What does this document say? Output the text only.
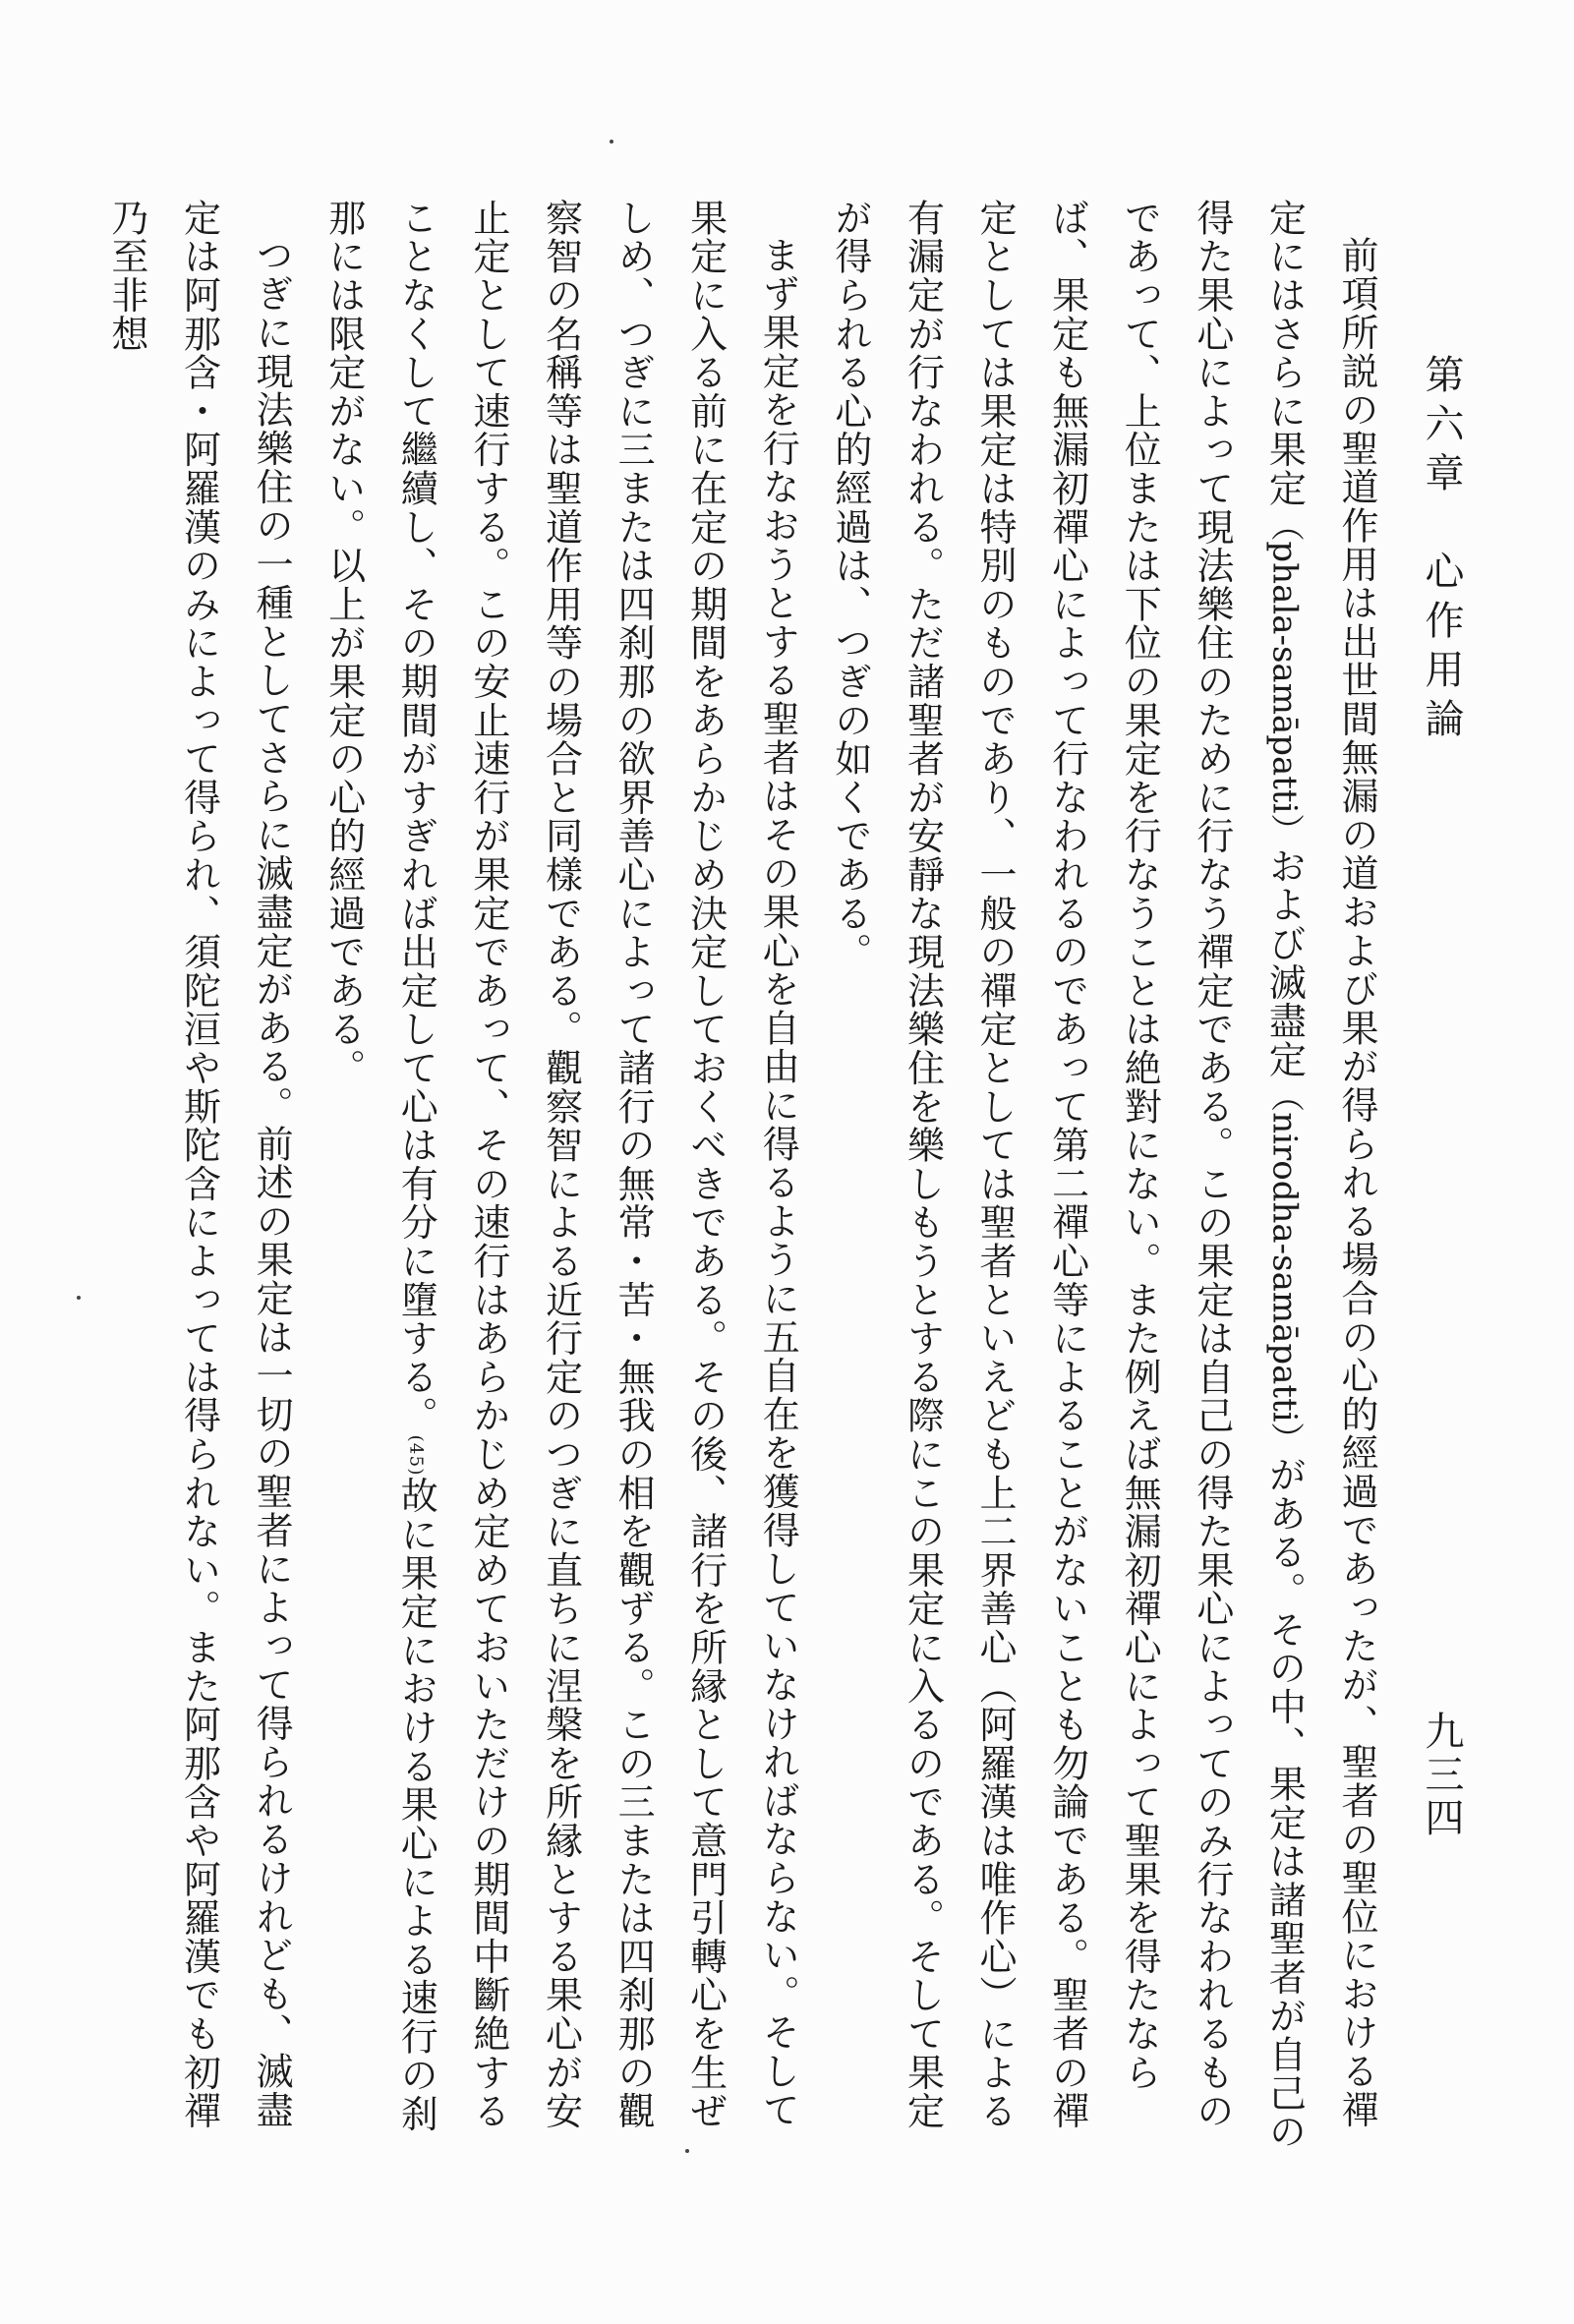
第六章　心作用論
九三四

前項所説の聖道作用は出世間無漏の道および果が得られる場合の心的經過であったが、聖者の聖位における禪定にはさらに果定（phala-samāpatti）および滅盡定（nirodha-samāpatti）がある。その中、果定は諸聖者が自己の得た果心によって現法樂住のために行なう禪定である。この果定は自己の得た果心によってのみ行なわれるものであって、上位または下位の果定を行なうことは絶對にない。また例えば無漏初禪心によって聖果を得たならば、果定も無漏初禪心によって行なわれるのであって第二禪心等によることがないことも勿論である。聖者の禪定としては果定は特別のものであり、一般の禪定としては聖者といえども上二界善心（阿羅漢は唯作心）による有漏定が行なわれる。ただ諸聖者が安靜な現法樂住を樂しもうとする際にこの果定に入るのである。そして果定が得られる心的經過は、つぎの如くである。

まず果定を行なおうとする聖者はその果心を自由に得るように五自在を獲得していなければならない。そして果定に入る前に在定の期間をあらかじめ決定しておくべきである。その後、諸行を所縁として意門引轉心を生ぜしめ、つぎに三または四刹那の欲界善心によって諸行の無常・苦・無我の相を觀ずる。この三または四刹那の觀察智の名稱等は聖道作用等の場合と同樣である。觀察智による近行定のつぎに直ちに涅槃を所縁とする果心が安止定として速行する。この安止速行が果定であって、その速行はあらかじめ定めておいただけの期間中斷絶することなくして繼續し、その期間がすぎれば出定して心は有分に墮する。$^{(45)}$故に果定における果心による速行の刹那には限定がない。以上が果定の心的經過である。

つぎに現法樂住の一種としてさらに滅盡定がある。前述の果定は一切の聖者によって得られるけれども、滅盡定は阿那含・阿羅漢のみによって得られ、須陀洹や斯陀含によっては得られない。また阿那含や阿羅漢でも初禪乃至非想
